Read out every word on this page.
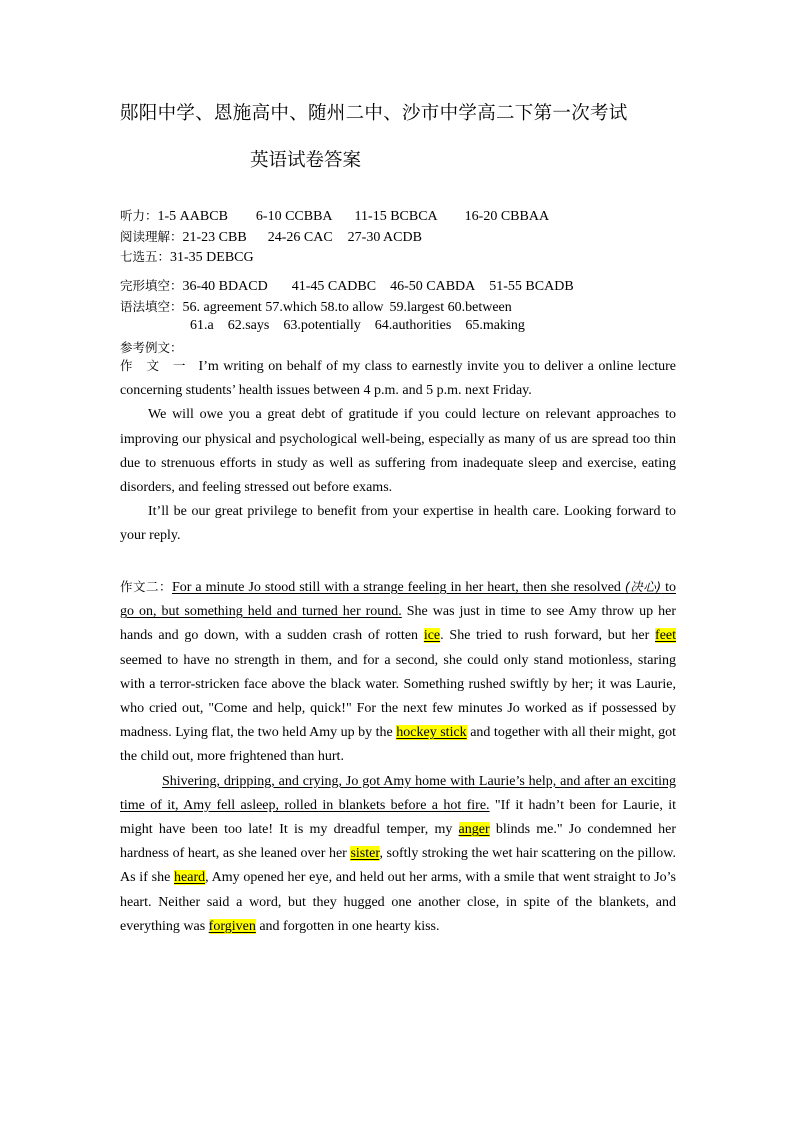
郧阳中学、恩施高中、随州二中、沙市中学高二下第一次考试
英语试卷答案
听力：1-5 AABCB 6-10 CCBBA 11-15 BCBCA 16-20 CBBAA
阅读理解：21-23 CBB 24-26 CAC 27-30 ACDB
七选五：31-35 DEBCG
完形填空：36-40 BDACD 41-45 CADBC 46-50 CABDA 51-55 BCADB
语法填空：56. agreement 57.which 58.to allow 59.largest 60.between
61.a 62.says 63.potentially 64.authorities 65.making
参考例文：

作 文 一 I’m writing on behalf of my class to earnestly invite you to deliver a online lecture concerning students’ health issues between 4 p.m. and 5 p.m. next Friday.

We will owe you a great debt of gratitude if you could lecture on relevant approaches to improving our physical and psychological well-being, especially as many of us are spread too thin due to strenuous efforts in study as well as suffering from inadequate sleep and exercise, eating disorders, and feeling stressed out before exams.

It’ll be our great privilege to benefit from your expertise in health care. Looking forward to your reply.

作文二：For a minute Jo stood still with a strange feeling in her heart, then she resolved (决心) to go on, but something held and turned her round. She was just in time to see Amy throw up her hands and go down, with a sudden crash of rotten ice. She tried to rush forward, but her feet seemed to have no strength in them, and for a second, she could only stand motionless, staring with a terror-stricken face above the black water. Something rushed swiftly by her; it was Laurie, who cried out, "Come and help, quick!" For the next few minutes Jo worked as if possessed by madness. Lying flat, the two held Amy up by the hockey stick and together with all their might, got the child out, more frightened than hurt.

Shivering, dripping, and crying, Jo got Amy home with Laurie’s help, and after an exciting time of it, Amy fell asleep, rolled in blankets before a hot fire. "If it hadn’t been for Laurie, it might have been too late! It is my dreadful temper, my anger blinds me." Jo condemned her hardness of heart, as she leaned over her sister, softly stroking the wet hair scattering on the pillow. As if she heard, Amy opened her eye, and held out her arms, with a smile that went straight to Jo’s heart. Neither said a word, but they hugged one another close, in spite of the blankets, and everything was forgiven and forgotten in one hearty kiss.
